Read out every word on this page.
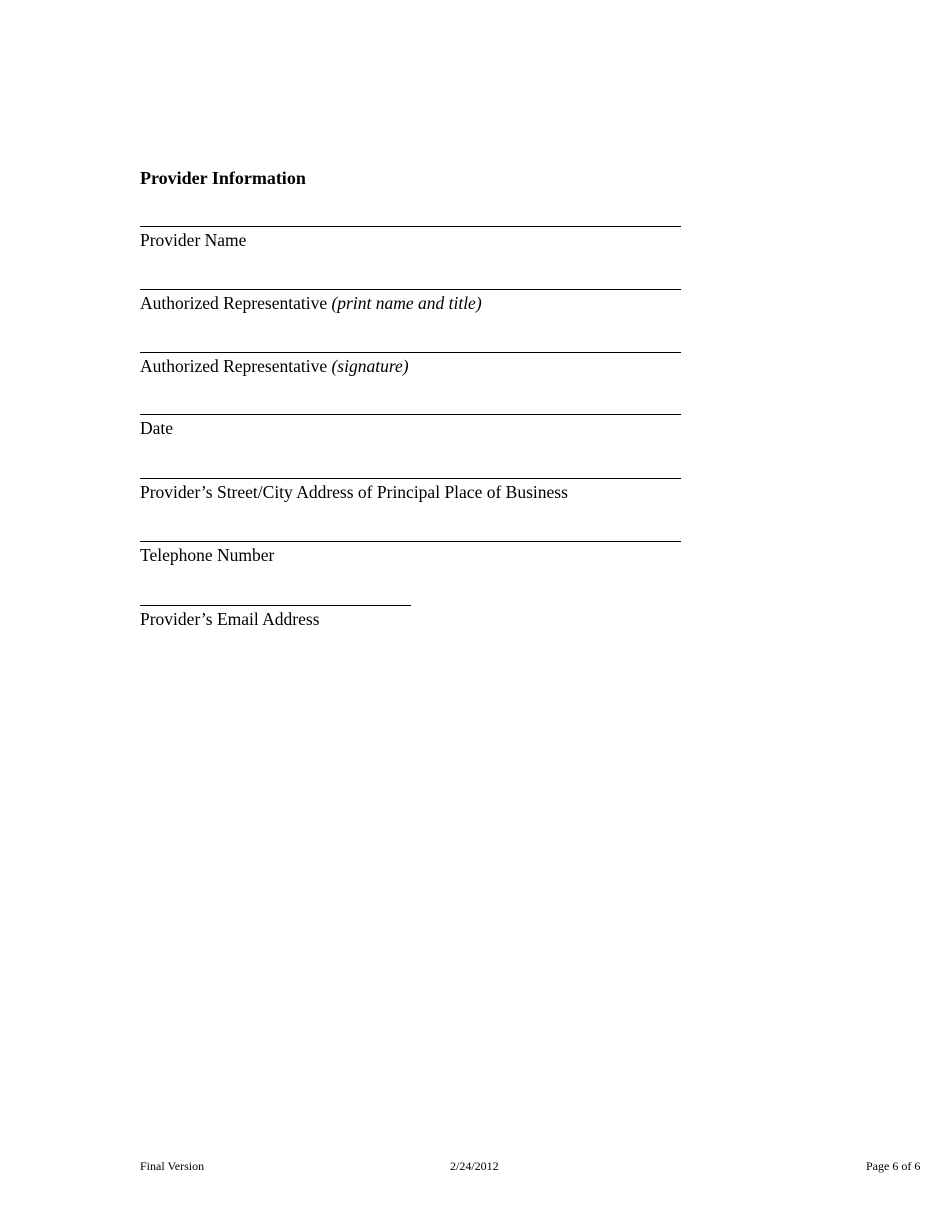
Provider Information
Provider Name
Authorized Representative (print name and title)
Authorized Representative (signature)
Date
Provider’s Street/City Address of Principal Place of Business
Telephone Number
Provider’s Email Address
Final Version	2/24/2012	Page 6 of 6
